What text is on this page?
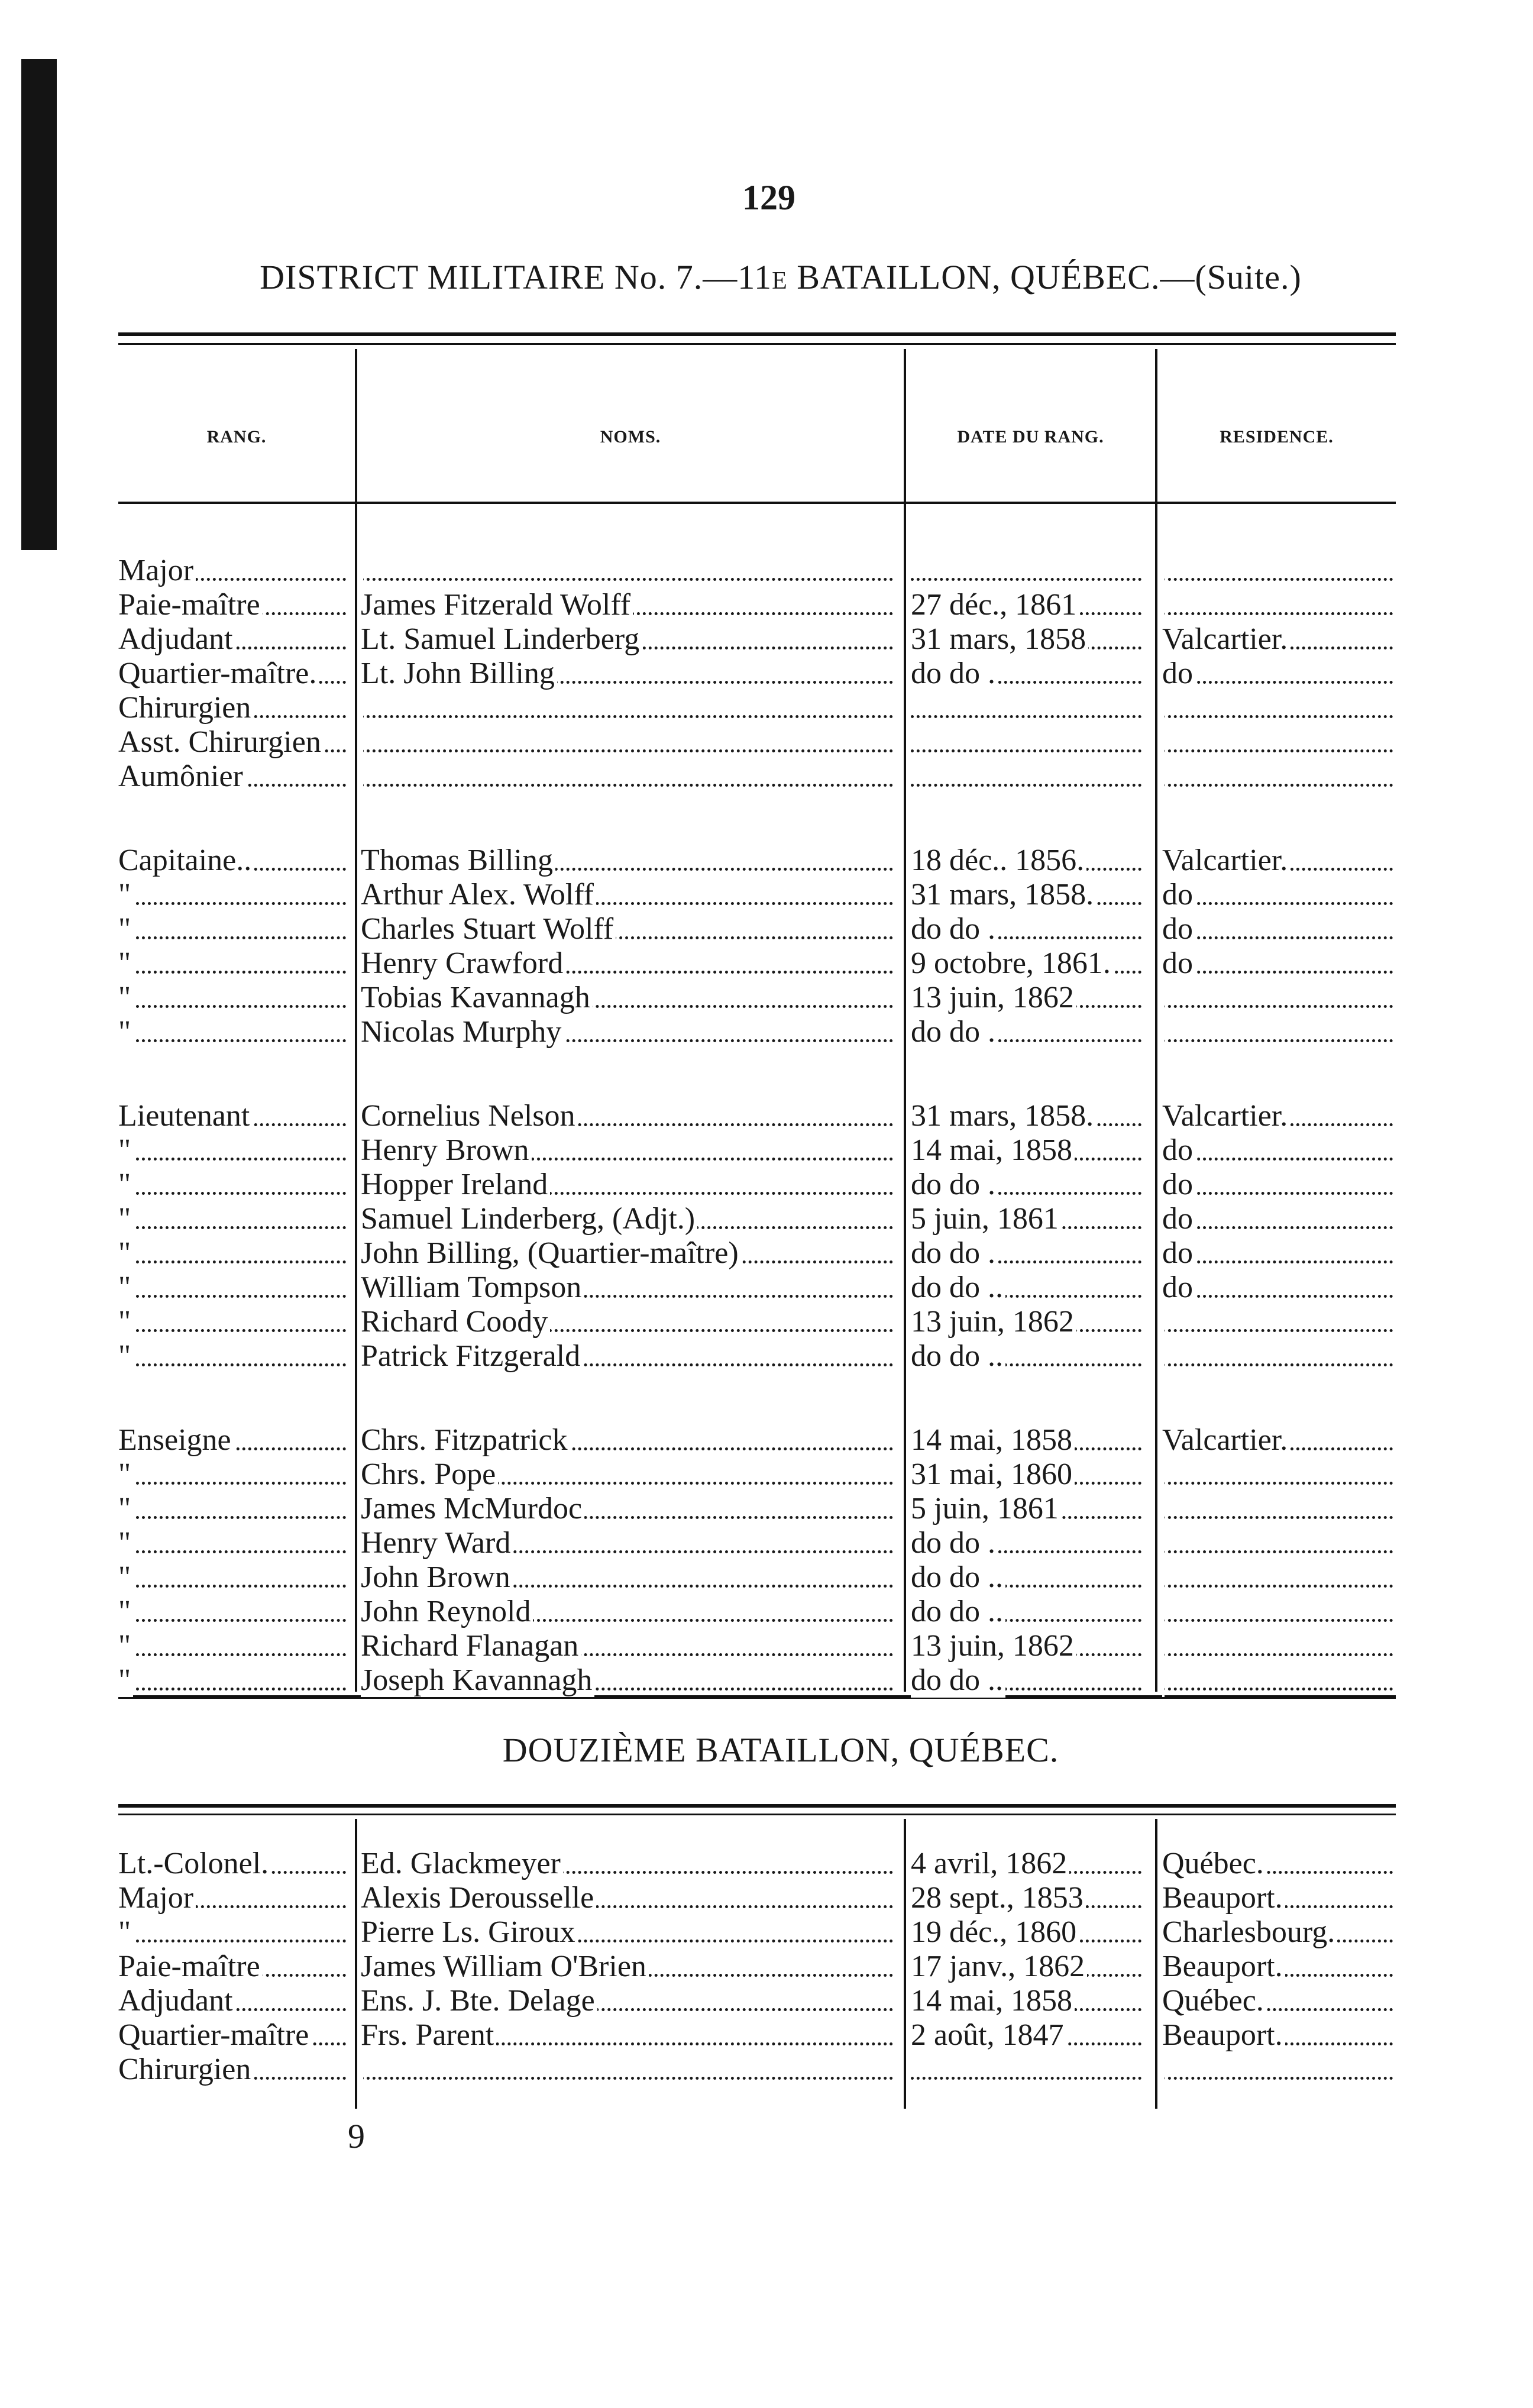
129
DISTRICT MILITAIRE No. 7.—11E BATAILLON, QUÉBEC.—(Suite.)
RANG.	NOMS.	DATE DU RANG.	RESIDENCE.
Major
Paie-maître	James Fitzerald Wolff	27 déc., 1861
Adjudant	Lt. Samuel Linderberg	31 mars, 1858	Valcartier.
Quartier-maître.	Lt. John Billing	do do .	do
Chirurgien
Asst. Chirurgien
Aumônier
Capitaine..	Thomas Billing	18 déc.. 1856.	Valcartier.
"	Arthur Alex. Wolff	31 mars, 1858.	do
"	Charles Stuart Wolff	do do .	do
"	Henry Crawford	9 octobre, 1861.	do
"	Tobias Kavannagh	13 juin, 1862
"	Nicolas Murphy	do do .
Lieutenant	Cornelius Nelson	31 mars, 1858.	Valcartier.
"	Henry Brown	14 mai, 1858	do
"	Hopper Ireland	do do .	do
"	Samuel Linderberg, (Adjt.)	5 juin, 1861	do
"	John Billing, (Quartier-maître)	do do .	do
"	William Tompson	do do ..	do
"	Richard Coody	13 juin, 1862
"	Patrick Fitzgerald	do do ..
Enseigne	Chrs. Fitzpatrick	14 mai, 1858	Valcartier.
"	Chrs. Pope	31 mai, 1860
"	James McMurdoc	5 juin, 1861
"	Henry Ward	do do .
"	John Brown	do do ..
"	John Reynold	do do ..
"	Richard Flanagan	13 juin, 1862
"	Joseph Kavannagh	do do ..
DOUZIÈME BATAILLON, QUÉBEC.
Lt.-Colonel.	Ed. Glackmeyer	4 avril, 1862	Québec.
Major	Alexis Derousselle	28 sept., 1853	Beauport.
"	Pierre Ls. Giroux	19 déc., 1860	Charlesbourg.
Paie-maître	James William O'Brien	17 janv., 1862	Beauport.
Adjudant	Ens. J. Bte. Delage	14 mai, 1858	Québec.
Quartier-maître	Frs. Parent	2 août, 1847	Beauport.
Chirurgien
9
